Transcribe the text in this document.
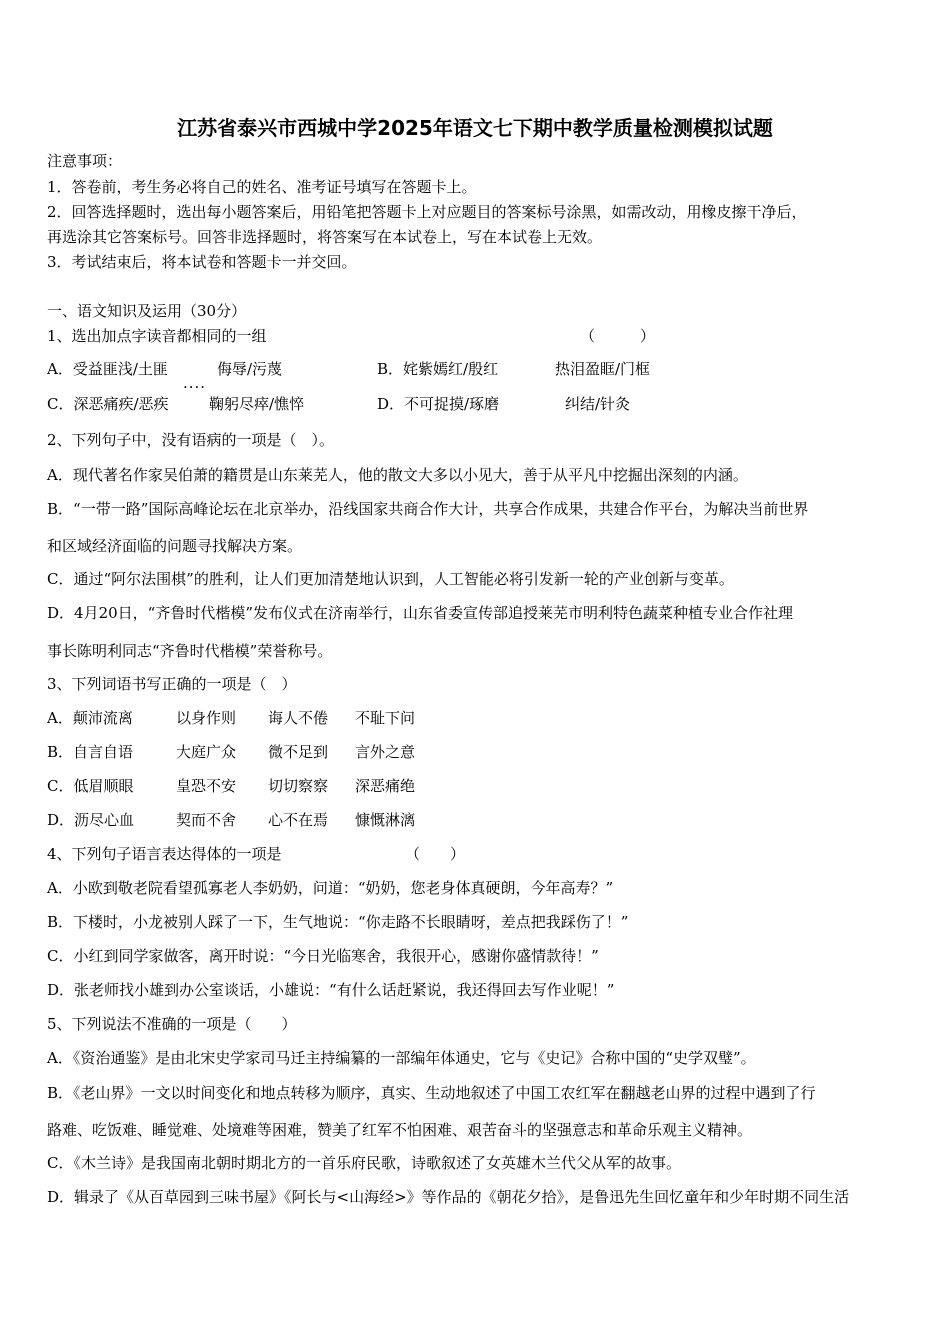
江苏省泰兴市西城中学2025年语文七下期中教学质量检测模拟试题
注意事项：
1．答卷前，考生务必将自己的姓名、准考证号填写在答题卡上。
2．回答选择题时，选出每小题答案后，用铅笔把答题卡上对应题目的答案标号涂黑，如需改动，用橡皮擦干净后，
再选涂其它答案标号。回答非选择题时，将答案写在本试卷上，写在本试卷上无效。
3．考试结束后，将本试卷和答题卡一并交回。
一、语文知识及运用（30分）
1、选出加点字读音都相同的一组	（　　　）
A．受益匪浅/土匪	侮辱/污蔑	B．姹紫嫣红/殷红	热泪盈眶/门框
....
C．深恶痛疾/恶疾	鞠躬尽瘁/憔悴	D．不可捉摸/琢磨	纠结/针灸
2、下列句子中，没有语病的一项是（　）。
A．现代著名作家吴伯萧的籍贯是山东莱芜人，他的散文大多以小见大，善于从平凡中挖掘出深刻的内涵。
B．“一带一路”国际高峰论坛在北京举办，沿线国家共商合作大计，共享合作成果，共建合作平台，为解决当前世界
和区域经济面临的问题寻找解决方案。
C．通过“阿尔法围棋”的胜利，让人们更加清楚地认识到，人工智能必将引发新一轮的产业创新与变革。
D．4月20日，“齐鲁时代楷模”发布仪式在济南举行，山东省委宣传部追授莱芜市明利特色蔬菜种植专业合作社理
事长陈明利同志“齐鲁时代楷模”荣誉称号。
3、下列词语书写正确的一项是（　）
A．颠沛流离	以身作则 诲人不倦 不耻下问
B．自言自语	大庭广众 微不足到 言外之意
C．低眉顺眼	皇恐不安 切切察察 深恶痛绝
D．沥尽心血	契而不舍 心不在焉 慷慨淋漓
4、下列句子语言表达得体的一项是	（　　）
A．小欧到敬老院看望孤寡老人李奶奶，问道：“奶奶，您老身体真硬朗，今年高寿？”
B．下楼时，小龙被别人踩了一下，生气地说：“你走路不长眼睛呀，差点把我踩伤了！”
C．小红到同学家做客，离开时说：“今日光临寒舍，我很开心，感谢你盛情款待！”
D．张老师找小雄到办公室谈话，小雄说：“有什么话赶紧说，我还得回去写作业呢！”
5、下列说法不准确的一项是（　　）
A．《资治通鉴》是由北宋史学家司马迁主持编纂的一部编年体通史，它与《史记》合称中国的“史学双璧”。
B．《老山界》一文以时间变化和地点转移为顺序，真实、生动地叙述了中国工农红军在翻越老山界的过程中遇到了行
路难、吃饭难、睡觉难、处境难等困难，赞美了红军不怕困难、艰苦奋斗的坚强意志和革命乐观主义精神。
C．《木兰诗》是我国南北朝时期北方的一首乐府民歌，诗歌叙述了女英雄木兰代父从军的故事。
D．辑录了《从百草园到三味书屋》《阿长与<山海经>》等作品的《朝花夕拾》，是鲁迅先生回忆童年和少年时期不同生活
